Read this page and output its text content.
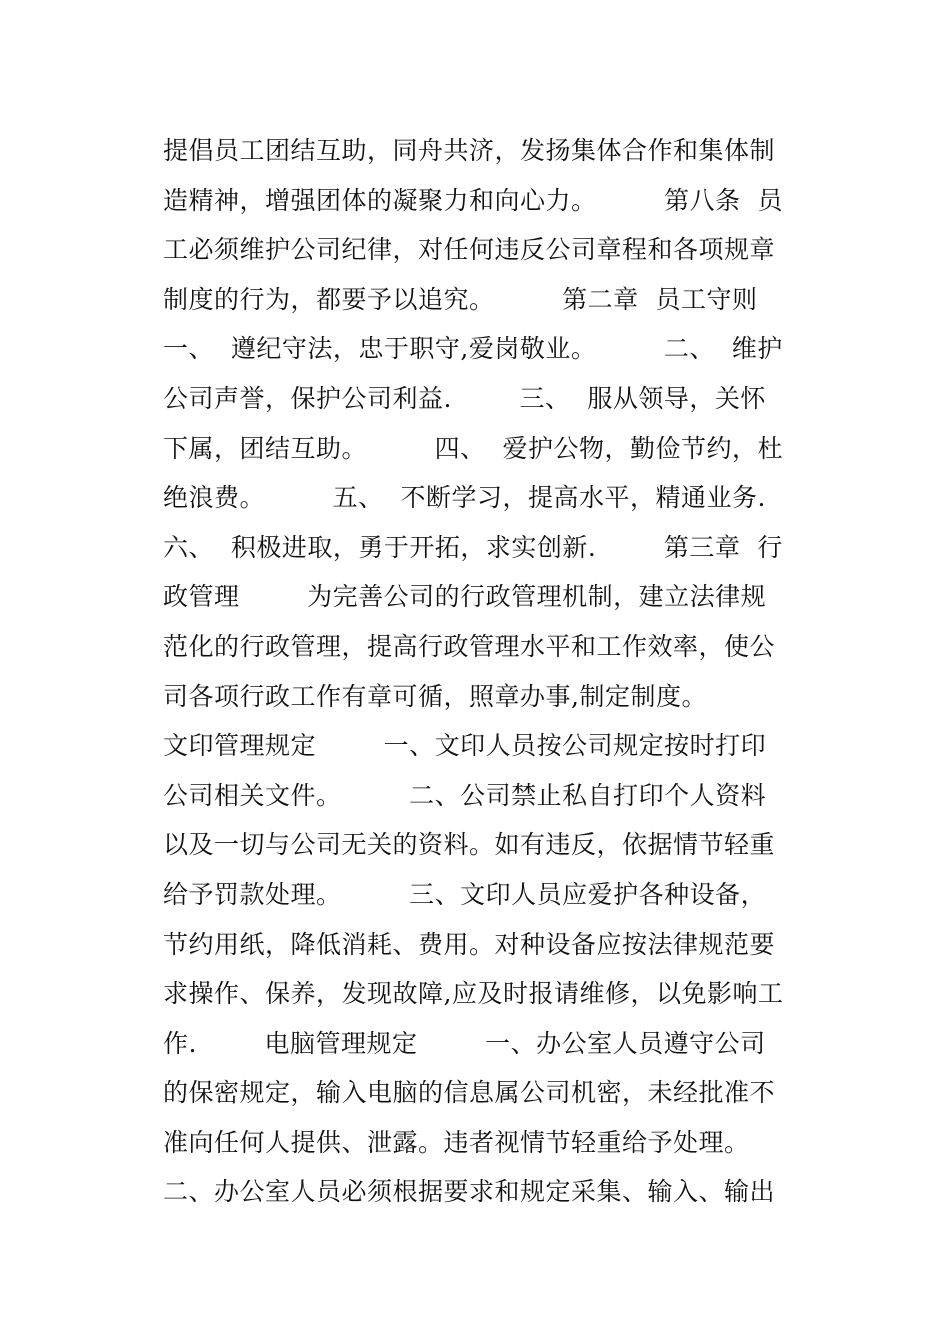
提倡员工团结互助，同舟共济，发扬集体合作和集体制
造精神，增强团体的凝聚力和向心力。        第八条  员
工必须维护公司纪律，对任何违反公司章程和各项规章
制度的行为，都要予以追究。        第二章  员工守则
一、  遵纪守法，忠于职守,爱岗敬业。        二、  维护
公司声誉，保护公司利益.        三、  服从领导，关怀
下属，团结互助。        四、  爱护公物，勤俭节约，杜
绝浪费。        五、  不断学习，提高水平，精通业务.
六、  积极进取，勇于开拓，求实创新.        第三章  行
政管理        为完善公司的行政管理机制，建立法律规
范化的行政管理，提高行政管理水平和工作效率，使公
司各项行政工作有章可循，照章办事,制定制度。
文印管理规定        一、文印人员按公司规定按时打印
公司相关文件。        二、公司禁止私自打印个人资料
以及一切与公司无关的资料。如有违反，依据情节轻重
给予罚款处理。        三、文印人员应爱护各种设备，
节约用纸，降低消耗、费用。对种设备应按法律规范要
求操作、保养，发现故障,应及时报请维修，以免影响工
作.        电脑管理规定        一、办公室人员遵守公司
的保密规定，输入电脑的信息属公司机密，未经批准不
准向任何人提供、泄露。违者视情节轻重给予处理。
二、办公室人员必须根据要求和规定采集、输入、输出
